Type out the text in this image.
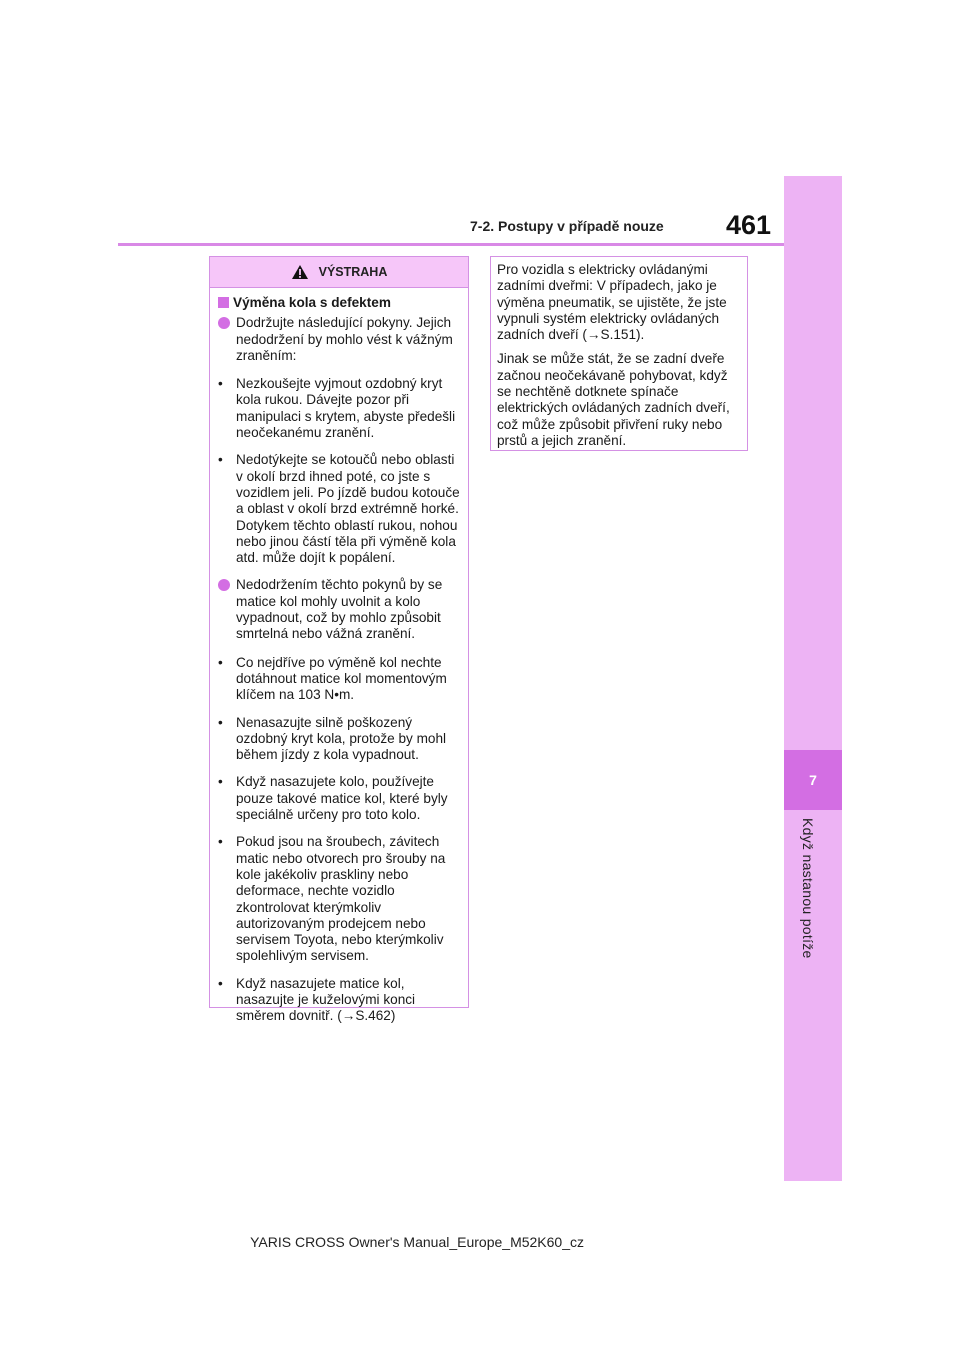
7
Když nastanou potíže
7-2. Postupy v případě nouze 461
VÝSTRAHA
Výměna kola s defektem
Dodržujte následující pokyny. Jejich nedodržení by mohlo vést k vážným zraněním:
• Nezkoušejte vyjmout ozdobný kryt kola rukou. Dávejte pozor při manipulaci s krytem, abyste předešli neočekanému zranění.
• Nedotýkejte se kotoučů nebo oblasti v okolí brzd ihned poté, co jste s vozidlem jeli. Po jízdě budou kotouče a oblast v okolí brzd extrémně horké. Dotykem těchto oblastí rukou, nohou nebo jinou částí těla při výměně kola atd. může dojít k popálení.
Nedodržením těchto pokynů by se matice kol mohly uvolnit a kolo vypadnout, což by mohlo způsobit smrtelná nebo vážná zranění.
• Co nejdříve po výměně kol nechte dotáhnout matice kol momentovým klíčem na 103 N•m.
• Nenasazujte silně poškozený ozdobný kryt kola, protože by mohl během jízdy z kola vypadnout.
• Když nasazujete kolo, používejte pouze takové matice kol, které byly speciálně určeny pro toto kolo.
• Pokud jsou na šroubech, závitech matic nebo otvorech pro šrouby na kole jakékoliv praskliny nebo deformace, nechte vozidlo zkontrolovat kterýmkoliv autorizovaným prodejcem nebo servisem Toyota, nebo kterýmkoliv spolehlivým servisem.
• Když nasazujete matice kol, nasazujte je kuželovými konci směrem dovnitř. (→S.462)

Pro vozidla s elektricky ovládanými zadními dveřmi: V případech, jako je výměna pneumatik, se ujistěte, že jste vypnuli systém elektricky ovládaných zadních dveří (→S.151).

Jinak se může stát, že se zadní dveře začnou neočekávaně pohybovat, když se nechtěně dotknete spínače elektrických ovládaných zadních dveří, což může způsobit přivření ruky nebo prstů a jejich zranění.

YARIS CROSS Owner's Manual_Europe_M52K60_cz
